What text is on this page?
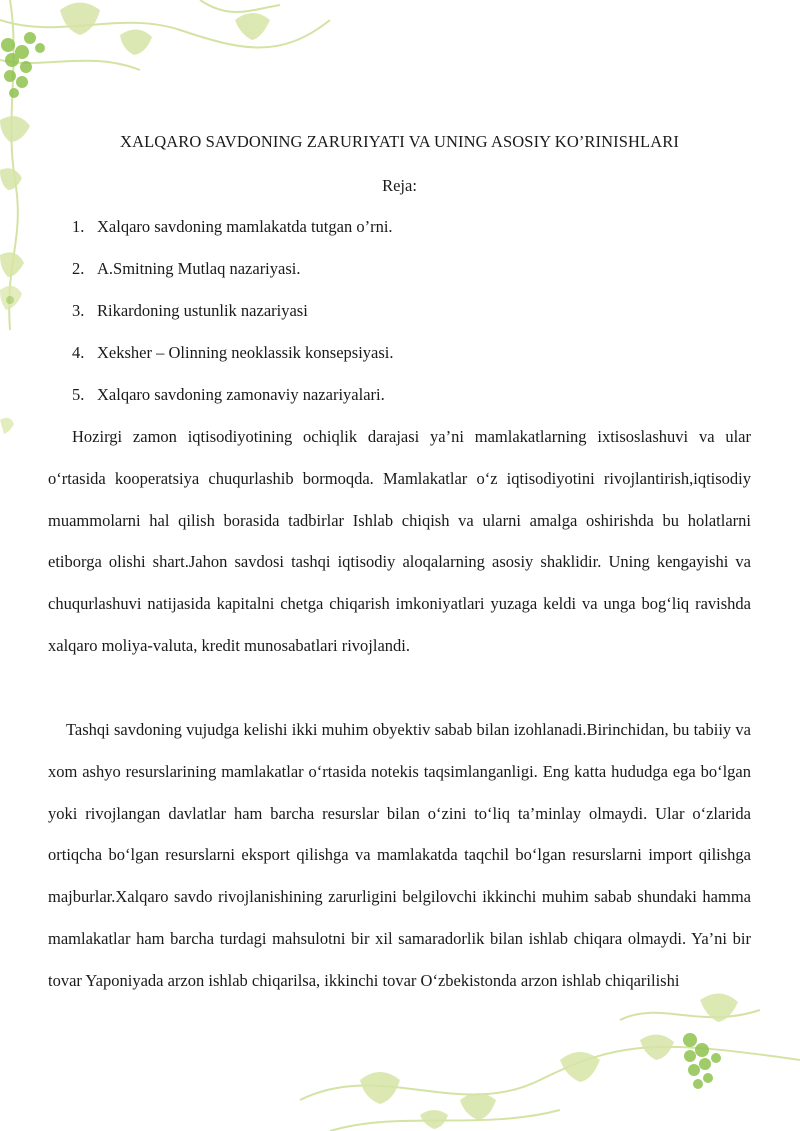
XALQARO SAVDONING ZARURIYATI VA UNING ASOSIY KO’RINISHLARI
Reja:
1. Xalqaro savdoning mamlakatda tutgan o’rni.
2. A.Smitning Mutlaq nazariyasi.
3. Rikardoning ustunlik nazariyasi
4. Xeksher – Olinning neoklassik konsepsiyasi.
5. Xalqaro savdoning zamonaviy nazariyalari.

Hozirgi zamon iqtisodiyotining ochiqlik darajasi ya’ni mamlakatlarning ixtisoslashuvi va ular o‘rtasida kooperatsiya chuqurlashib bormoqda. Mamlakatlar o‘z iqtisodiyotini rivojlantirish,iqtisodiy muammolarni hal qilish borasida tadbirlar Ishlab chiqish va ularni amalga oshirishda bu holatlarni etiborga olishi shart.Jahon savdosi tashqi iqtisodiy aloqalarning asosiy shaklidir. Uning kengayishi va chuqurlashuvi natijasida kapitalni chetga chiqarish imkoniyatlari yuzaga keldi va unga bog‘liq ravishda xalqaro moliya-valuta, kredit munosabatlari rivojlandi.

Tashqi savdoning vujudga kelishi ikki muhim obyektiv sabab bilan izohlanadi.Birinchidan, bu tabiiy va xom ashyo resurslarining mamlakatlar o‘rtasida notekis taqsimlanganligi. Eng katta hududga ega bo‘lgan yoki rivojlangan davlatlar ham barcha resurslar bilan o‘zini to‘liq ta’minlay olmaydi. Ular o‘zlarida ortiqcha bo‘lgan resurslarni eksport qilishga va mamlakatda taqchil bo‘lgan resurslarni import qilishga majburlar.Xalqaro savdo rivojlanishining zarurligini belgilovchi ikkinchi muhim sabab shundaki hamma mamlakatlar ham barcha turdagi mahsulotni bir xil samaradorlik bilan ishlab chiqara olmaydi. Ya’ni bir tovar Yaponiyada arzon ishlab chiqarilsa, ikkinchi tovar O‘zbekistonda arzon ishlab chiqarilishi
